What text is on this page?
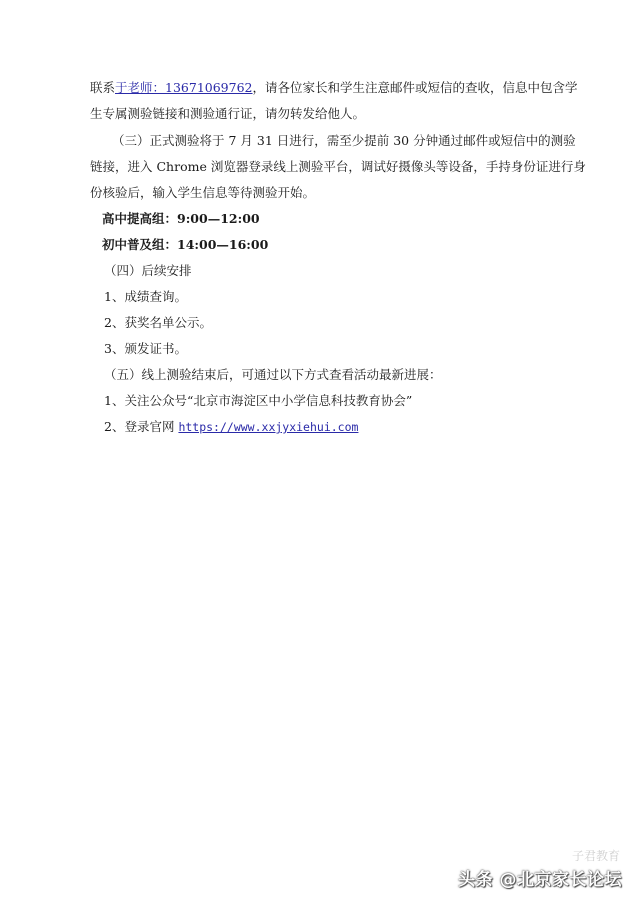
联系于老师：13671069762，请各位家长和学生注意邮件或短信的查收，信息中包含学
生专属测验链接和测验通行证，请勿转发给他人。
（三）正式测验将于 7 月 31 日进行，需至少提前 30 分钟通过邮件或短信中的测验
链接，进入 Chrome 浏览器登录线上测验平台，调试好摄像头等设备，手持身份证进行身
份核验后，输入学生信息等待测验开始。
高中提高组：9:00—12:00
初中普及组：14:00—16:00
（四）后续安排
1、成绩查询。
2、获奖名单公示。
3、颁发证书。
（五）线上测验结束后，可通过以下方式查看活动最新进展：
1、关注公众号“北京市海淀区中小学信息科技教育协会”
2、登录官网 https://www.xxjyxiehui.com
子君教育
头条 @北京家长论坛
